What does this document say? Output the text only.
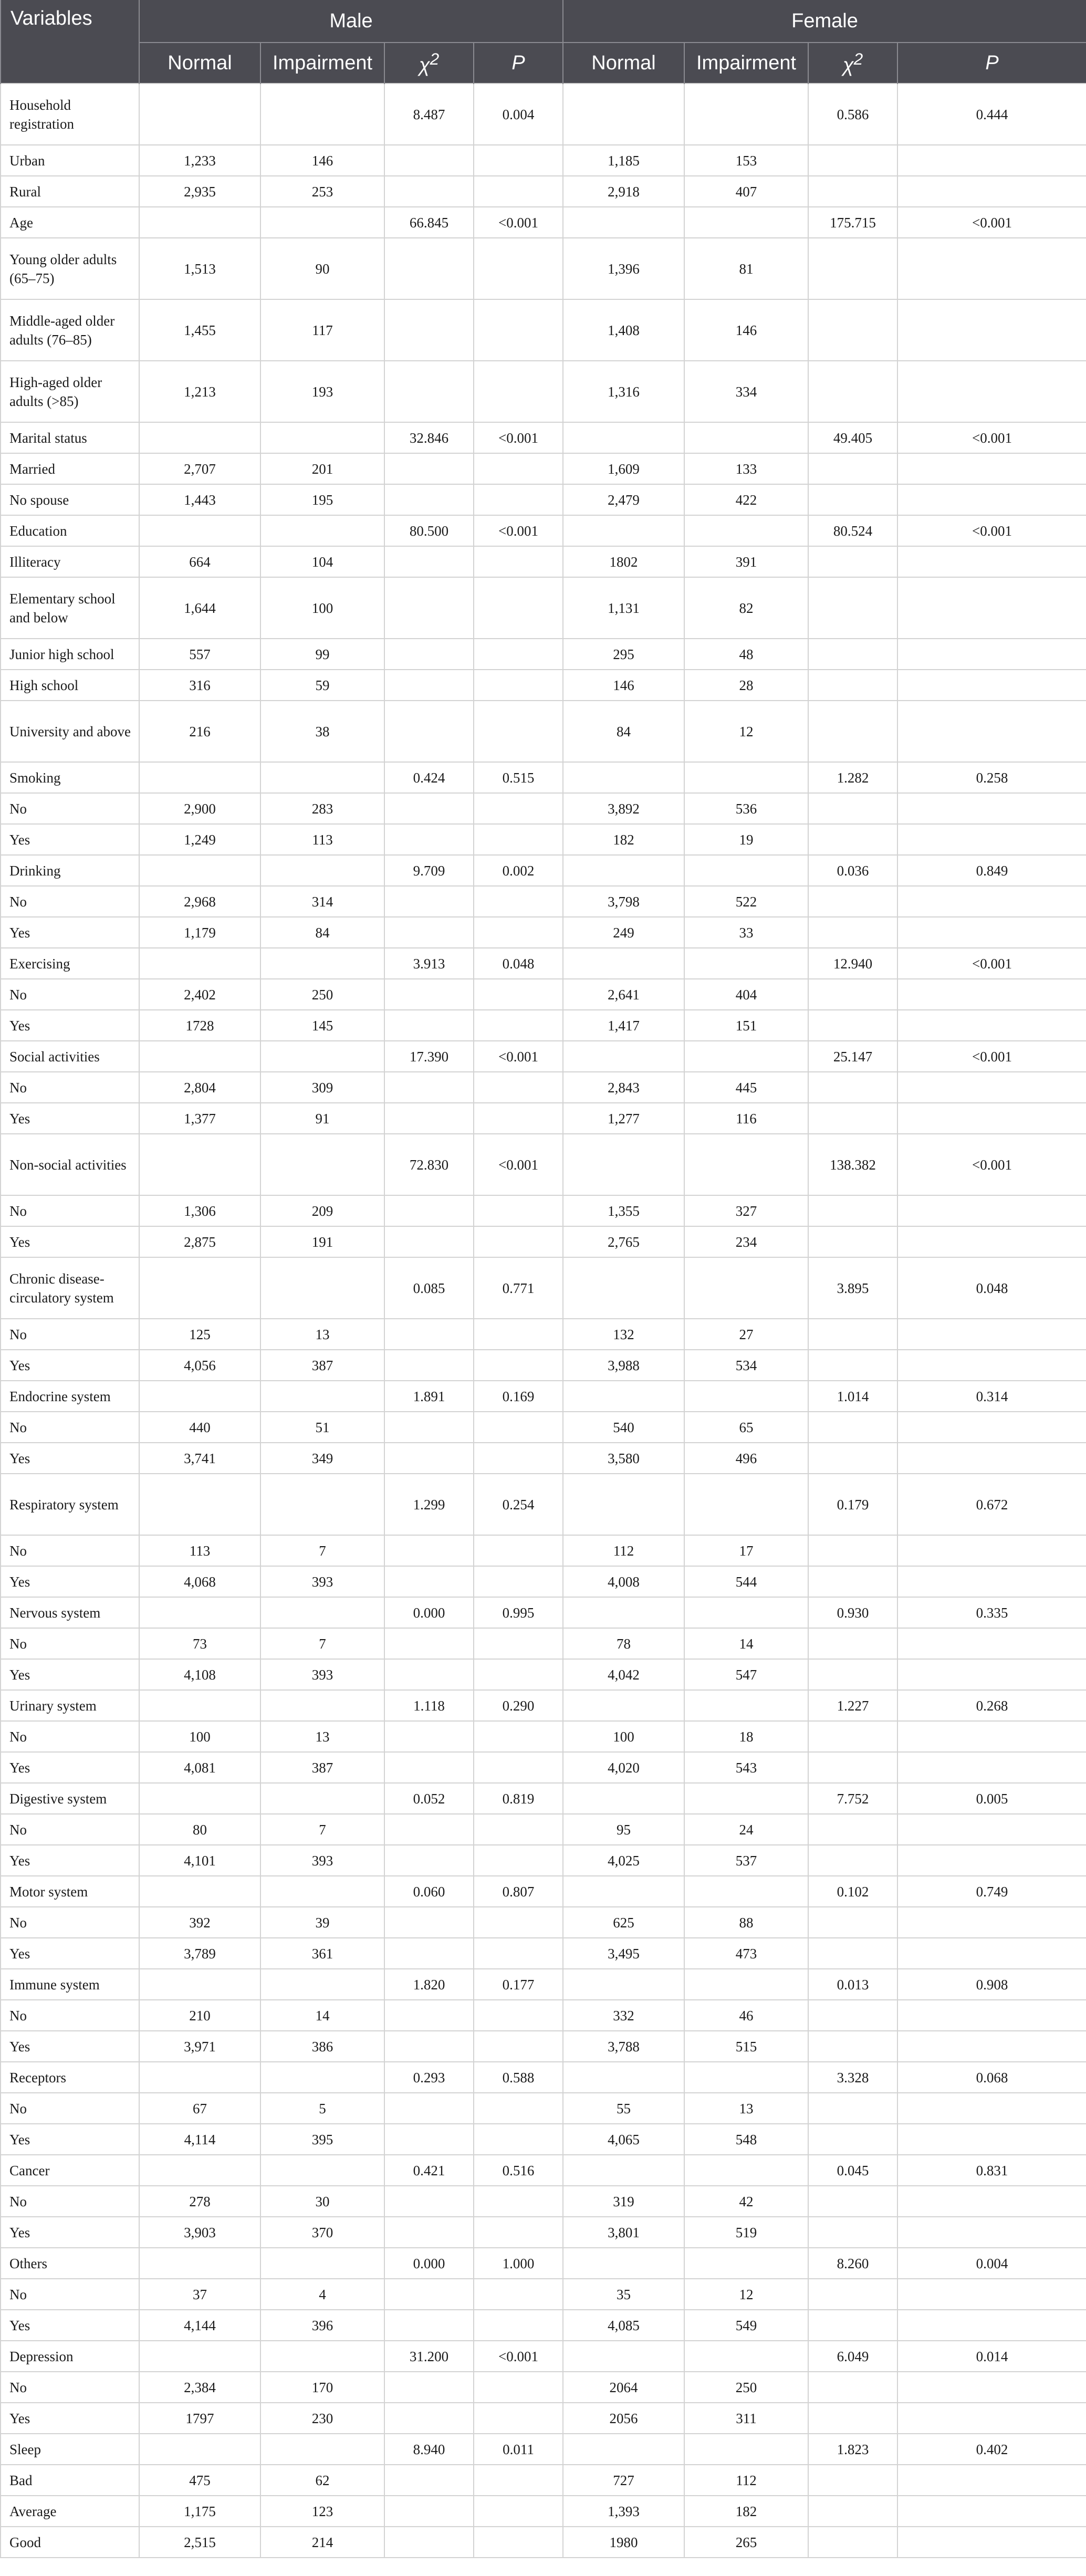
Variables	Male				Female			
	Normal	Impairment	$\chi^2$	P	Normal	Impairment	$\chi^2$	P
Household registration			8.487	0.004			0.586	0.444
Urban	1,233	146			1,185	153		
Rural	2,935	253			2,918	407		
Age			66.845	<0.001			175.715	<0.001
Young older adults (65–75)	1,513	90			1,396	81		
Middle-aged older adults (76–85)	1,455	117			1,408	146		
High-aged older adults (>85)	1,213	193			1,316	334		
Marital status			32.846	<0.001			49.405	<0.001
Married	2,707	201			1,609	133		
No spouse	1,443	195			2,479	422		
Education			80.500	<0.001			80.524	<0.001
Illiteracy	664	104			1802	391		
Elementary school and below	1,644	100			1,131	82		
Junior high school	557	99			295	48		
High school	316	59			146	28		
University and above	216	38			84	12		
Smoking			0.424	0.515			1.282	0.258
No	2,900	283			3,892	536		
Yes	1,249	113			182	19		
Drinking			9.709	0.002			0.036	0.849
No	2,968	314			3,798	522		
Yes	1,179	84			249	33		
Exercising			3.913	0.048			12.940	<0.001
No	2,402	250			2,641	404		
Yes	1728	145			1,417	151		
Social activities			17.390	<0.001			25.147	<0.001
No	2,804	309			2,843	445		
Yes	1,377	91			1,277	116		
Non-social activities			72.830	<0.001			138.382	<0.001
No	1,306	209			1,355	327		
Yes	2,875	191			2,765	234		
Chronic disease-circulatory system			0.085	0.771			3.895	0.048
No	125	13			132	27		
Yes	4,056	387			3,988	534		
Endocrine system			1.891	0.169			1.014	0.314
No	440	51			540	65		
Yes	3,741	349			3,580	496		
Respiratory system			1.299	0.254			0.179	0.672
No	113	7			112	17		
Yes	4,068	393			4,008	544		
Nervous system			0.000	0.995			0.930	0.335
No	73	7			78	14		
Yes	4,108	393			4,042	547		
Urinary system			1.118	0.290			1.227	0.268
No	100	13			100	18		
Yes	4,081	387			4,020	543		
Digestive system			0.052	0.819			7.752	0.005
No	80	7			95	24		
Yes	4,101	393			4,025	537		
Motor system			0.060	0.807			0.102	0.749
No	392	39			625	88		
Yes	3,789	361			3,495	473		
Immune system			1.820	0.177			0.013	0.908
No	210	14			332	46		
Yes	3,971	386			3,788	515		
Receptors			0.293	0.588			3.328	0.068
No	67	5			55	13		
Yes	4,114	395			4,065	548		
Cancer			0.421	0.516			0.045	0.831
No	278	30			319	42		
Yes	3,903	370			3,801	519		
Others			0.000	1.000			8.260	0.004
No	37	4			35	12		
Yes	4,144	396			4,085	549		
Depression			31.200	<0.001			6.049	0.014
No	2,384	170			2064	250		
Yes	1797	230			2056	311		
Sleep			8.940	0.011			1.823	0.402
Bad	475	62			727	112		
Average	1,175	123			1,393	182		
Good	2,515	214			1980	265		
